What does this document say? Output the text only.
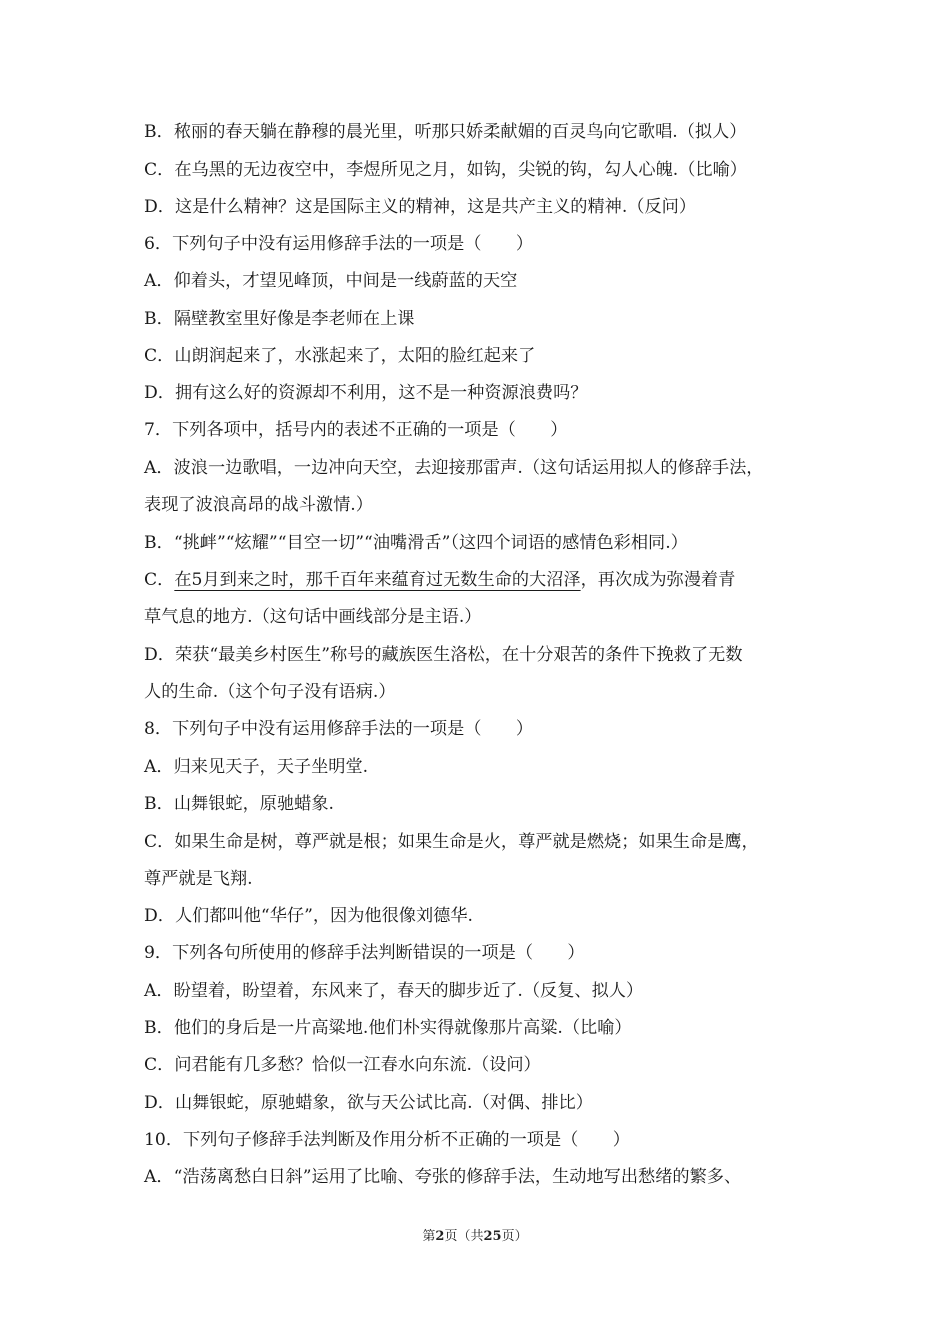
B．秾丽的春天躺在静穆的晨光里，听那只娇柔献媚的百灵鸟向它歌唱.（拟人）
C．在乌黑的无边夜空中，李煜所见之月，如钩，尖锐的钩，勾人心魄.（比喻）
D．这是什么精神？这是国际主义的精神，这是共产主义的精神.（反问）
6．下列句子中没有运用修辞手法的一项是（　　）
A．仰着头，才望见峰顶，中间是一线蔚蓝的天空
B．隔壁教室里好像是李老师在上课
C．山朗润起来了，水涨起来了，太阳的脸红起来了
D．拥有这么好的资源却不利用，这不是一种资源浪费吗？
7．下列各项中，括号内的表述不正确的一项是（　　）
A．波浪一边歌唱，一边冲向天空，去迎接那雷声.（这句话运用拟人的修辞手法，
表现了波浪高昂的战斗激情.）
B．“挑衅”“炫耀”“目空一切”“油嘴滑舌”（这四个词语的感情色彩相同.）
C．在5月到来之时，那千百年来蕴育过无数生命的大沼泽，再次成为弥漫着青
草气息的地方.（这句话中画线部分是主语.）
D．荣获“最美乡村医生”称号的藏族医生洛松，在十分艰苦的条件下挽救了无数
人的生命.（这个句子没有语病.）
8．下列句子中没有运用修辞手法的一项是（　　）
A．归来见天子，天子坐明堂.
B．山舞银蛇，原驰蜡象.
C．如果生命是树，尊严就是根；如果生命是火，尊严就是燃烧；如果生命是鹰，
尊严就是飞翔.
D．人们都叫他“华仔”，因为他很像刘德华.
9．下列各句所使用的修辞手法判断错误的一项是（　　）
A．盼望着，盼望着，东风来了，春天的脚步近了.（反复、拟人）
B．他们的身后是一片高粱地.他们朴实得就像那片高粱.（比喻）
C．问君能有几多愁？恰似一江春水向东流.（设问）
D．山舞银蛇，原驰蜡象，欲与天公试比高.（对偶、排比）
10．下列句子修辞手法判断及作用分析不正确的一项是（　　）
A．“浩荡离愁白日斜”运用了比喻、夸张的修辞手法，生动地写出愁绪的繁多、
第2页（共25页）
